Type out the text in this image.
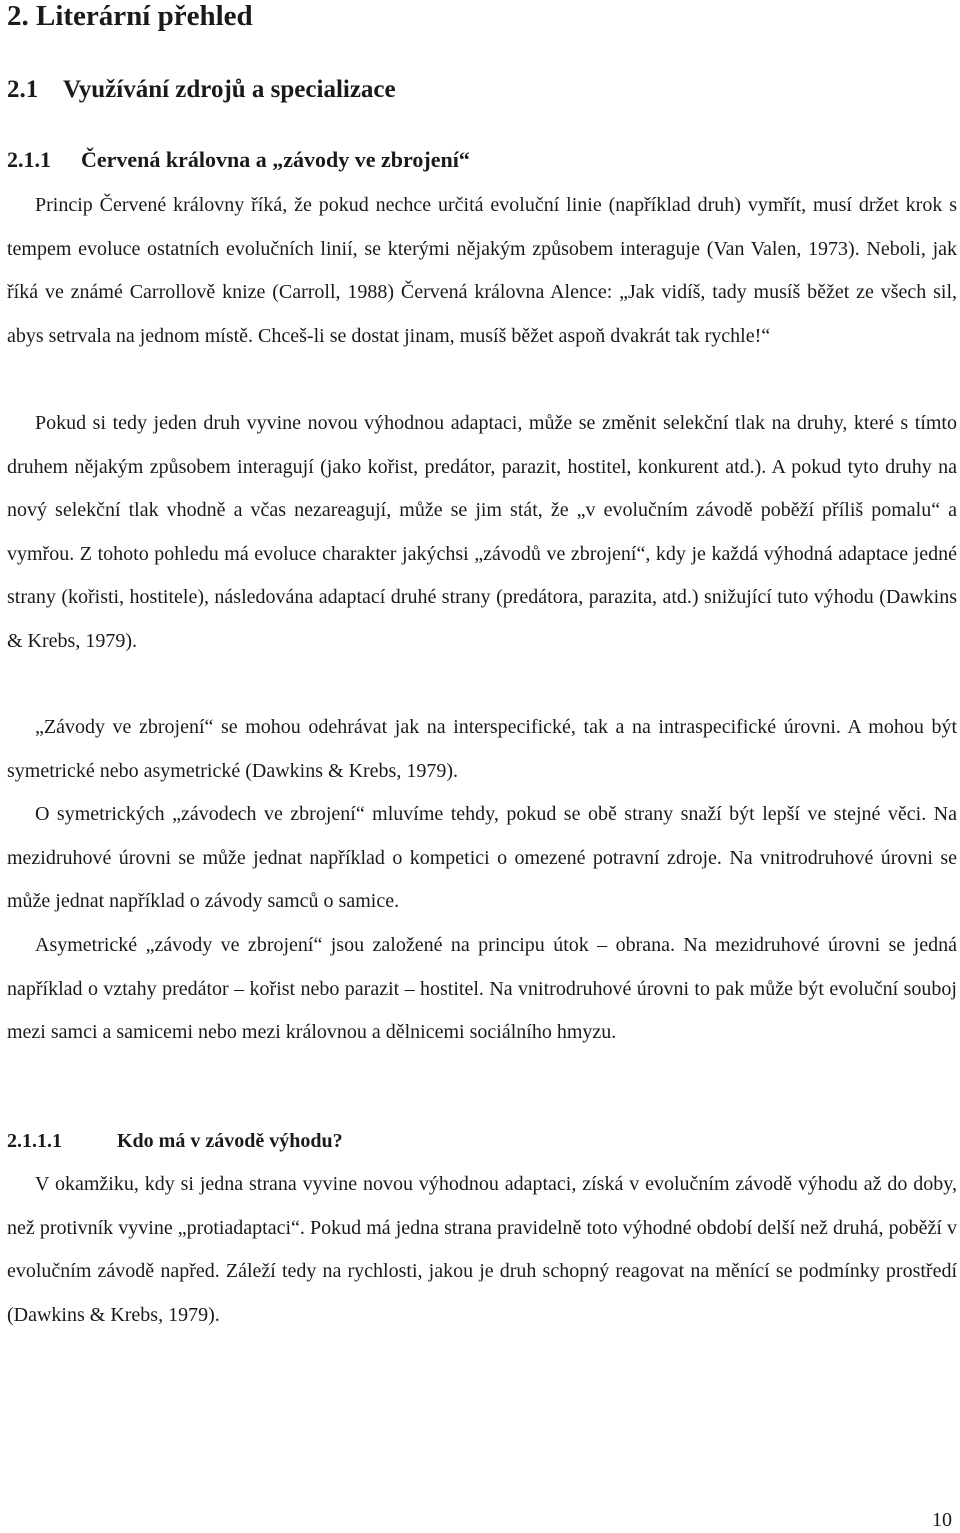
2. Literární přehled
2.1 Využívání zdrojů a specializace
2.1.1 Červená královna a „závody ve zbrojení“

Princip Červené královny říká, že pokud nechce určitá evoluční linie (například druh) vymřít, musí držet krok s tempem evoluce ostatních evolučních linií, se kterými nějakým způsobem interaguje (Van Valen, 1973). Neboli, jak říká ve známé Carrollově knize (Carroll, 1988) Červená královna Alence: „Jak vidíš, tady musíš běžet ze všech sil, abys setrvala na jednom místě. Chceš-li se dostat jinam, musíš běžet aspoň dvakrát tak rychle!“

Pokud si tedy jeden druh vyvine novou výhodnou adaptaci, může se změnit selekční tlak na druhy, které s tímto druhem nějakým způsobem interagují (jako kořist, predátor, parazit, hostitel, konkurent atd.). A pokud tyto druhy na nový selekční tlak vhodně a včas nezareagují, může se jim stát, že „v evolučním závodě poběží příliš pomalu“ a vymřou. Z tohoto pohledu má evoluce charakter jakýchsi „závodů ve zbrojení“, kdy je každá výhodná adaptace jedné strany (kořisti, hostitele), následována adaptací druhé strany (predátora, parazita, atd.) snižující tuto výhodu (Dawkins & Krebs, 1979).

„Závody ve zbrojení“ se mohou odehrávat jak na interspecifické, tak a na intraspecifické úrovni. A mohou být symetrické nebo asymetrické (Dawkins & Krebs, 1979).

O symetrických „závodech ve zbrojení“ mluvíme tehdy, pokud se obě strany snaží být lepší ve stejné věci. Na mezidruhové úrovni se může jednat například o kompetici o omezené potravní zdroje. Na vnitrodruhové úrovni se může jednat například o závody samců o samice.

Asymetrické „závody ve zbrojení“ jsou založené na principu útok – obrana. Na mezidruhové úrovni se jedná například o vztahy predátor – kořist nebo parazit – hostitel. Na vnitrodruhové úrovni to pak může být evoluční souboj mezi samci a samicemi nebo mezi královnou a dělnicemi sociálního hmyzu.

2.1.1.1	Kdo má v závodě výhodu?

V okamžiku, kdy si jedna strana vyvine novou výhodnou adaptaci, získá v evolučním závodě výhodu až do doby, než protivník vyvine „protiadaptaci“. Pokud má jedna strana pravidelně toto výhodné období delší než druhá, poběží v evolučním závodě napřed. Záleží tedy na rychlosti, jakou je druh schopný reagovat na měnící se podmínky prostředí (Dawkins & Krebs, 1979).

10
